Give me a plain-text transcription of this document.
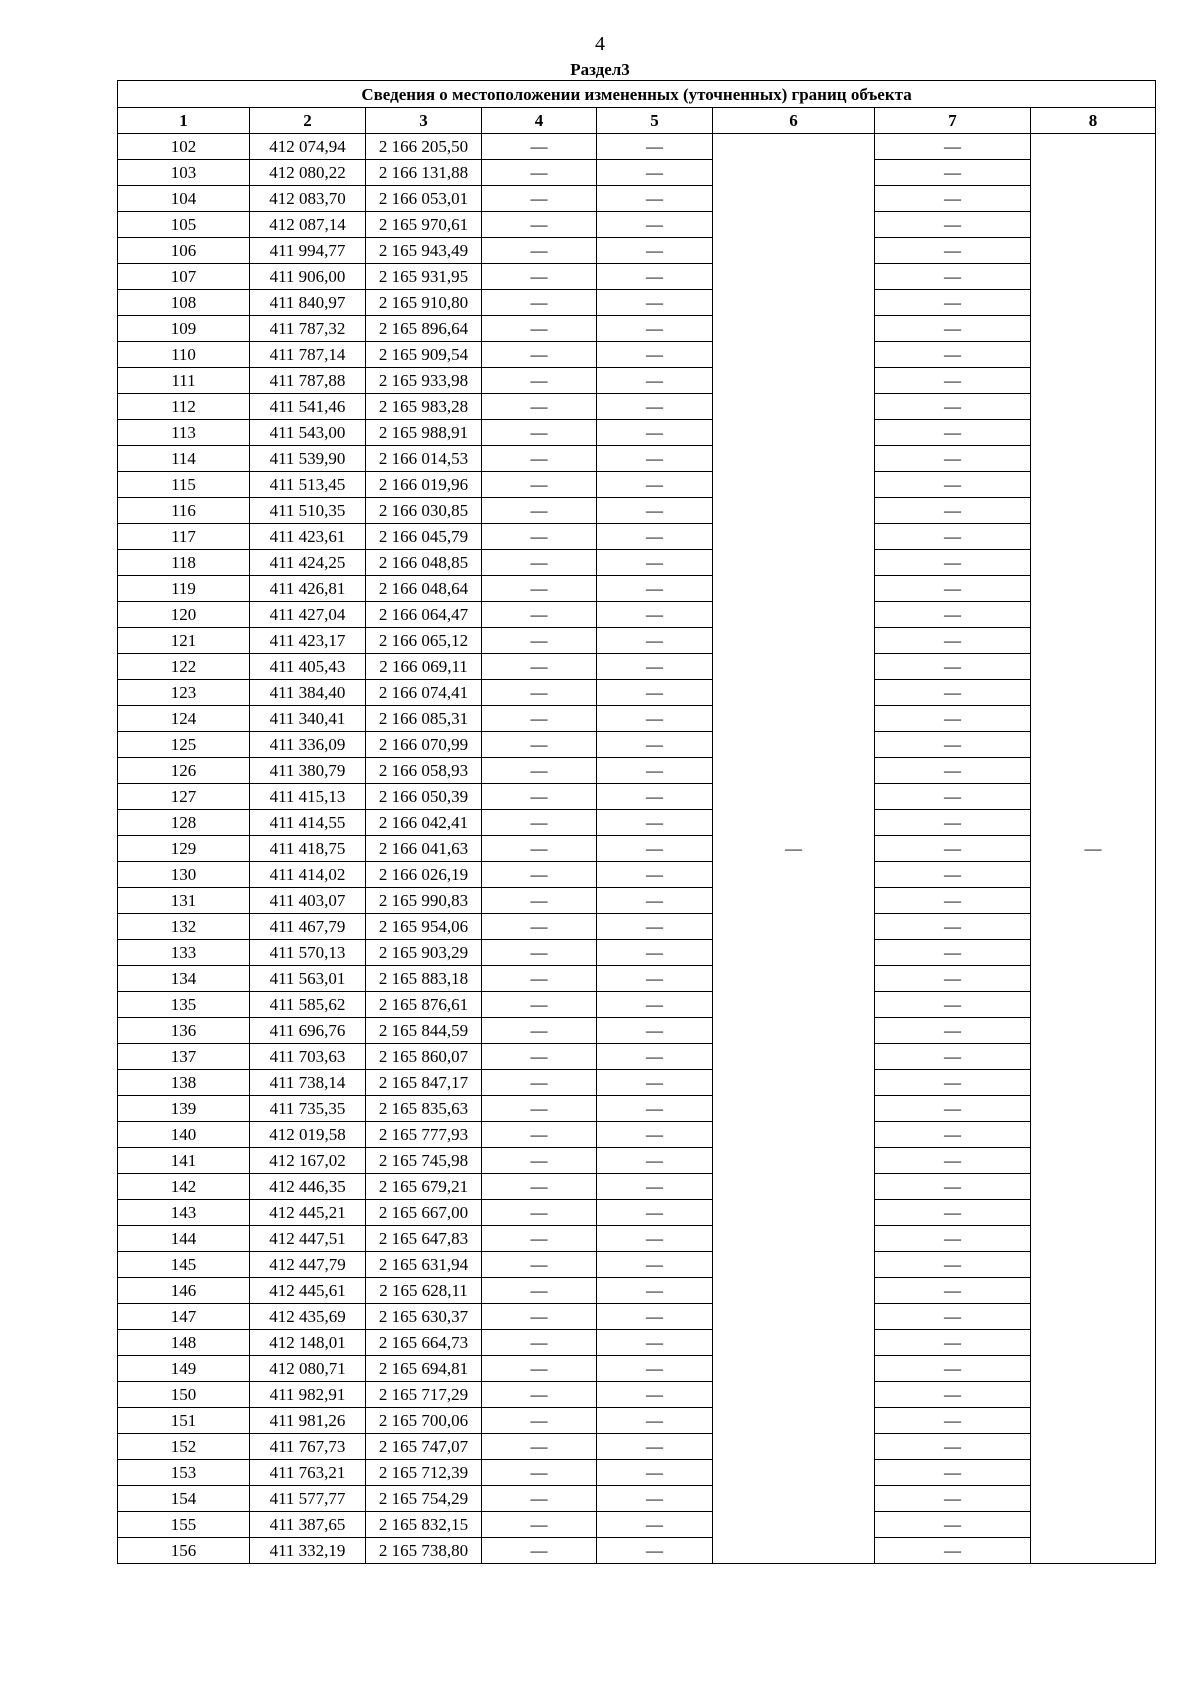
4
Раздел3
Сведения о местоположении измененных (уточненных) границ объекта							
1	2	3	4	5	6	7	8
102	412 074,94	2 166 205,50	—	—	—	—	—
103	412 080,22	2 166 131,88	—	—		—	
104	412 083,70	2 166 053,01	—	—		—	
105	412 087,14	2 165 970,61	—	—		—	
106	411 994,77	2 165 943,49	—	—		—	
107	411 906,00	2 165 931,95	—	—		—	
108	411 840,97	2 165 910,80	—	—		—	
109	411 787,32	2 165 896,64	—	—		—	
110	411 787,14	2 165 909,54	—	—		—	
111	411 787,88	2 165 933,98	—	—		—	
112	411 541,46	2 165 983,28	—	—		—	
113	411 543,00	2 165 988,91	—	—		—	
114	411 539,90	2 166 014,53	—	—		—	
115	411 513,45	2 166 019,96	—	—		—	
116	411 510,35	2 166 030,85	—	—		—	
117	411 423,61	2 166 045,79	—	—		—	
118	411 424,25	2 166 048,85	—	—		—	
119	411 426,81	2 166 048,64	—	—		—	
120	411 427,04	2 166 064,47	—	—		—	
121	411 423,17	2 166 065,12	—	—		—	
122	411 405,43	2 166 069,11	—	—		—	
123	411 384,40	2 166 074,41	—	—		—	
124	411 340,41	2 166 085,31	—	—		—	
125	411 336,09	2 166 070,99	—	—		—	
126	411 380,79	2 166 058,93	—	—		—	
127	411 415,13	2 166 050,39	—	—		—	
128	411 414,55	2 166 042,41	—	—		—	
129	411 418,75	2 166 041,63	—	—		—	
130	411 414,02	2 166 026,19	—	—		—	
131	411 403,07	2 165 990,83	—	—		—	
132	411 467,79	2 165 954,06	—	—		—	
133	411 570,13	2 165 903,29	—	—		—	
134	411 563,01	2 165 883,18	—	—		—	
135	411 585,62	2 165 876,61	—	—		—	
136	411 696,76	2 165 844,59	—	—		—	
137	411 703,63	2 165 860,07	—	—		—	
138	411 738,14	2 165 847,17	—	—		—	
139	411 735,35	2 165 835,63	—	—		—	
140	412 019,58	2 165 777,93	—	—		—	
141	412 167,02	2 165 745,98	—	—		—	
142	412 446,35	2 165 679,21	—	—		—	
143	412 445,21	2 165 667,00	—	—		—	
144	412 447,51	2 165 647,83	—	—		—	
145	412 447,79	2 165 631,94	—	—		—	
146	412 445,61	2 165 628,11	—	—		—	
147	412 435,69	2 165 630,37	—	—		—	
148	412 148,01	2 165 664,73	—	—		—	
149	412 080,71	2 165 694,81	—	—		—	
150	411 982,91	2 165 717,29	—	—		—	
151	411 981,26	2 165 700,06	—	—		—	
152	411 767,73	2 165 747,07	—	—		—	
153	411 763,21	2 165 712,39	—	—		—	
154	411 577,77	2 165 754,29	—	—		—	
155	411 387,65	2 165 832,15	—	—		—	
156	411 332,19	2 165 738,80	—	—		—	
